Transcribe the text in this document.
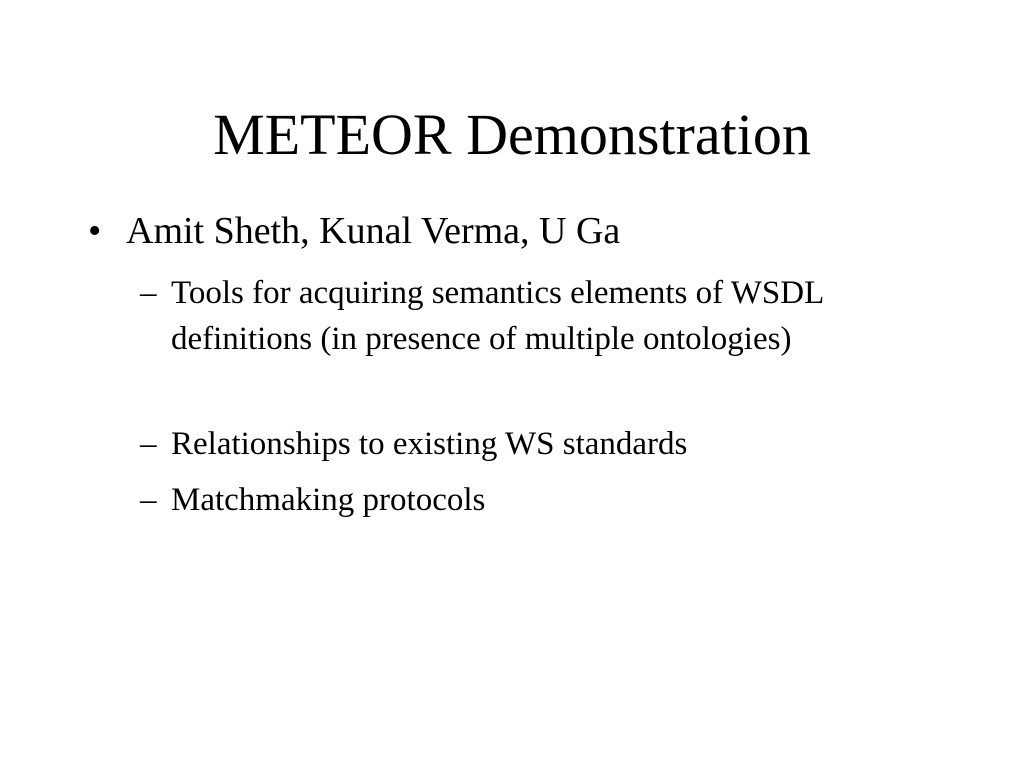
METEOR Demonstration
• Amit Sheth, Kunal Verma, U Ga
– Tools for acquiring semantics elements of WSDL definitions (in presence of multiple ontologies)
– Relationships to existing WS standards
– Matchmaking protocols
